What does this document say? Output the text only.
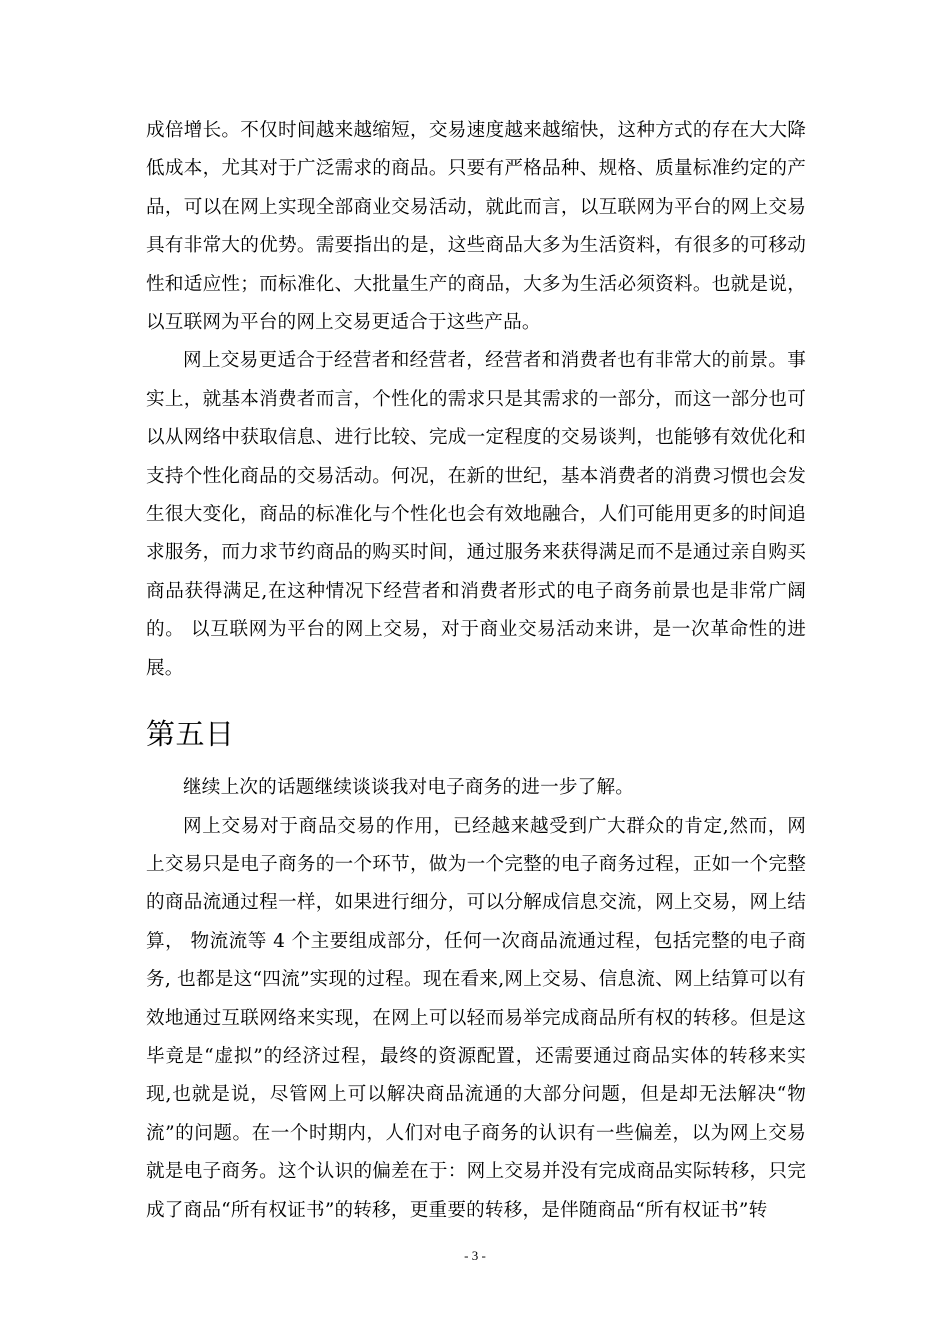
成倍增长。不仅时间越来越缩短，交易速度越来越缩快，这种方式的存在大大降低成本，尤其对于广泛需求的商品。只要有严格品种、规格、质量标准约定的产品，可以在网上实现全部商业交易活动，就此而言，以互联网为平台的网上交易具有非常大的优势。需要指出的是，这些商品大多为生活资料，有很多的可移动性和适应性；而标准化、大批量生产的商品，大多为生活必须资料。也就是说，以互联网为平台的网上交易更适合于这些产品。

网上交易更适合于经营者和经营者，经营者和消费者也有非常大的前景。事实上，就基本消费者而言，个性化的需求只是其需求的一部分，而这一部分也可以从网络中获取信息、进行比较、完成一定程度的交易谈判，也能够有效优化和支持个性化商品的交易活动。何况，在新的世纪，基本消费者的消费习惯也会发生很大变化，商品的标准化与个性化也会有效地融合，人们可能用更多的时间追求服务，而力求节约商品的购买时间，通过服务来获得满足而不是通过亲自购买商品获得满足,在这种情况下经营者和消费者形式的电子商务前景也是非常广阔的。 以互联网为平台的网上交易，对于商业交易活动来讲，是一次革命性的进展。

第五日

继续上次的话题继续谈谈我对电子商务的进一步了解。

网上交易对于商品交易的作用，已经越来越受到广大群众的肯定,然而，网上交易只是电子商务的一个环节，做为一个完整的电子商务过程，正如一个完整的商品流通过程一样，如果进行细分，可以分解成信息交流，网上交易，网上结算， 物流流等 4 个主要组成部分，任何一次商品流通过程，包括完整的电子商务, 也都是这“四流”实现的过程。现在看来,网上交易、信息流、网上结算可以有效地通过互联网络来实现，在网上可以轻而易举完成商品所有权的转移。但是这毕竟是“虚拟”的经济过程，最终的资源配置，还需要通过商品实体的转移来实现,也就是说，尽管网上可以解决商品流通的大部分问题，但是却无法解决“物流”的问题。在一个时期内，人们对电子商务的认识有一些偏差，以为网上交易就是电子商务。这个认识的偏差在于：网上交易并没有完成商品实际转移，只完成了商品“所有权证书”的转移，更重要的转移，是伴随商品“所有权证书”转

- 3 -
